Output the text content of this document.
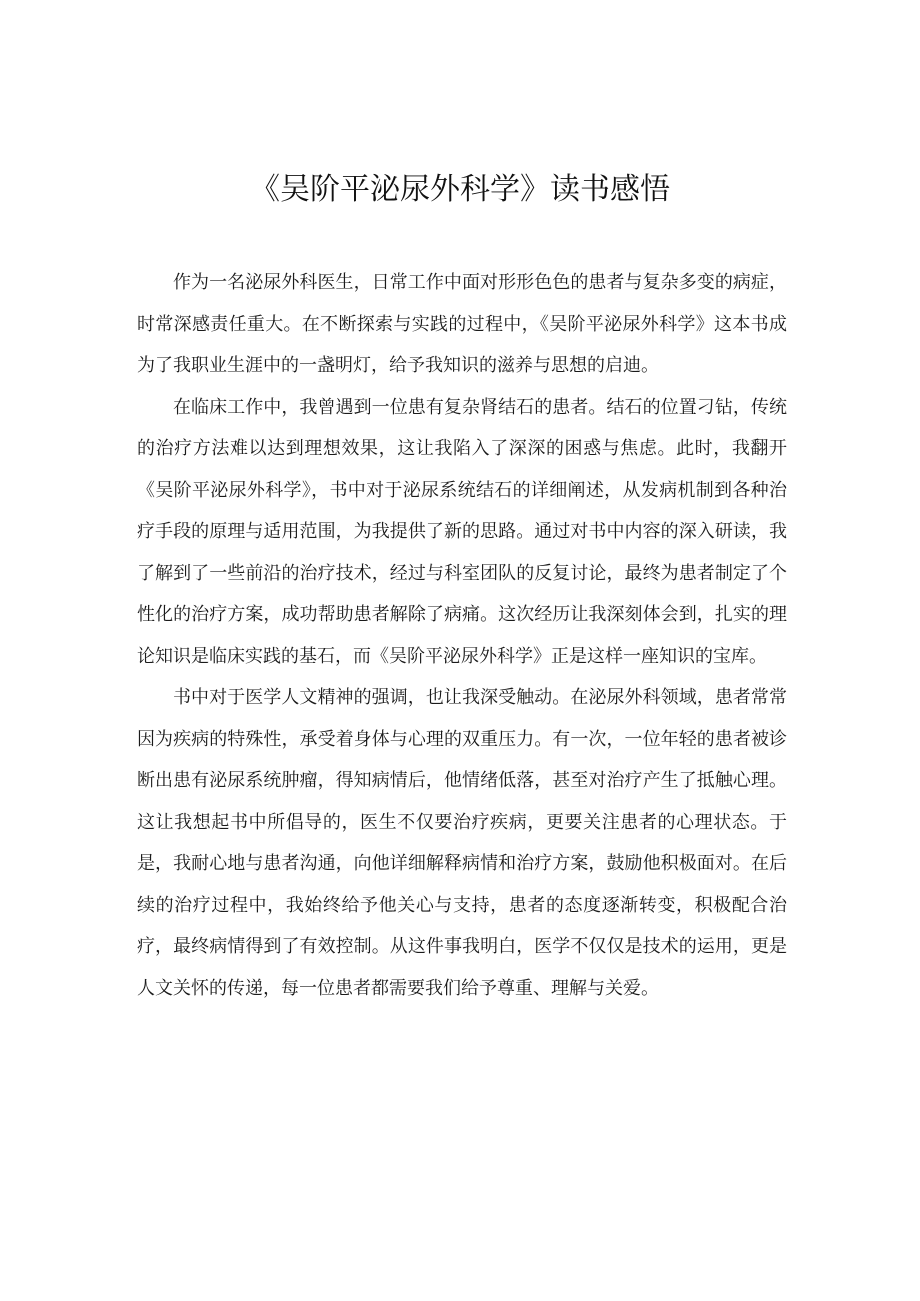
《吴阶平泌尿外科学》读书感悟

作为一名泌尿外科医生，日常工作中面对形形色色的患者与复杂多变的病症，时常深感责任重大。在不断探索与实践的过程中，《吴阶平泌尿外科学》这本书成为了我职业生涯中的一盏明灯，给予我知识的滋养与思想的启迪。

在临床工作中，我曾遇到一位患有复杂肾结石的患者。结石的位置刁钻，传统的治疗方法难以达到理想效果，这让我陷入了深深的困惑与焦虑。此时，我翻开《吴阶平泌尿外科学》，书中对于泌尿系统结石的详细阐述，从发病机制到各种治疗手段的原理与适用范围，为我提供了新的思路。通过对书中内容的深入研读，我了解到了一些前沿的治疗技术，经过与科室团队的反复讨论，最终为患者制定了个性化的治疗方案，成功帮助患者解除了病痛。这次经历让我深刻体会到，扎实的理论知识是临床实践的基石，而《吴阶平泌尿外科学》正是这样一座知识的宝库。

书中对于医学人文精神的强调，也让我深受触动。在泌尿外科领域，患者常常因为疾病的特殊性，承受着身体与心理的双重压力。有一次，一位年轻的患者被诊断出患有泌尿系统肿瘤，得知病情后，他情绪低落，甚至对治疗产生了抵触心理。这让我想起书中所倡导的，医生不仅要治疗疾病，更要关注患者的心理状态。于是，我耐心地与患者沟通，向他详细解释病情和治疗方案，鼓励他积极面对。在后续的治疗过程中，我始终给予他关心与支持，患者的态度逐渐转变，积极配合治疗，最终病情得到了有效控制。从这件事我明白，医学不仅仅是技术的运用，更是人文关怀的传递，每一位患者都需要我们给予尊重、理解与关爱。
